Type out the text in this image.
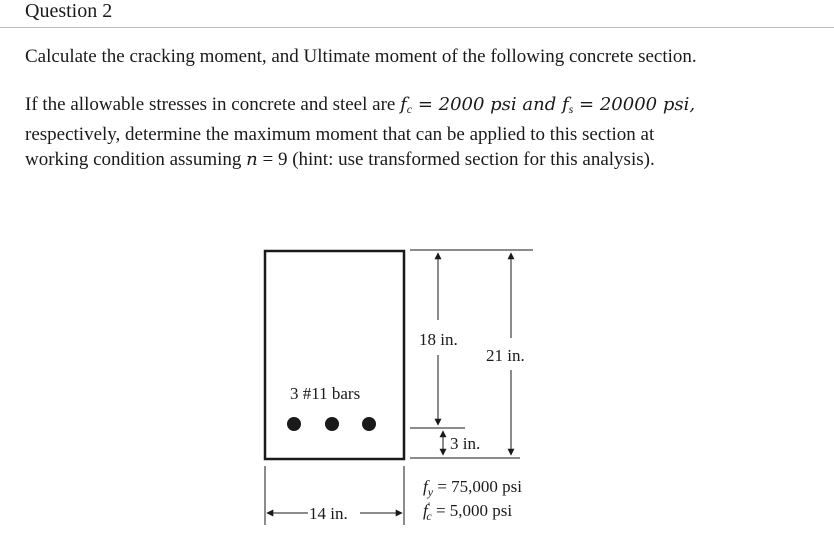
Question 2
Calculate the cracking moment, and Ultimate moment of the following concrete section.
If the allowable stresses in concrete and steel are $f_c = 2000$ psi and $f_s = 20000$ psi,
respectively, determine the maximum moment that can be applied to this section at
working condition assuming n = 9 (hint: use transformed section for this analysis).
3 #11 bars
18 in.
21 in.
3 in.
14 in.
$f_y = 75,000$ psi
f′ c = 5,000 psi
